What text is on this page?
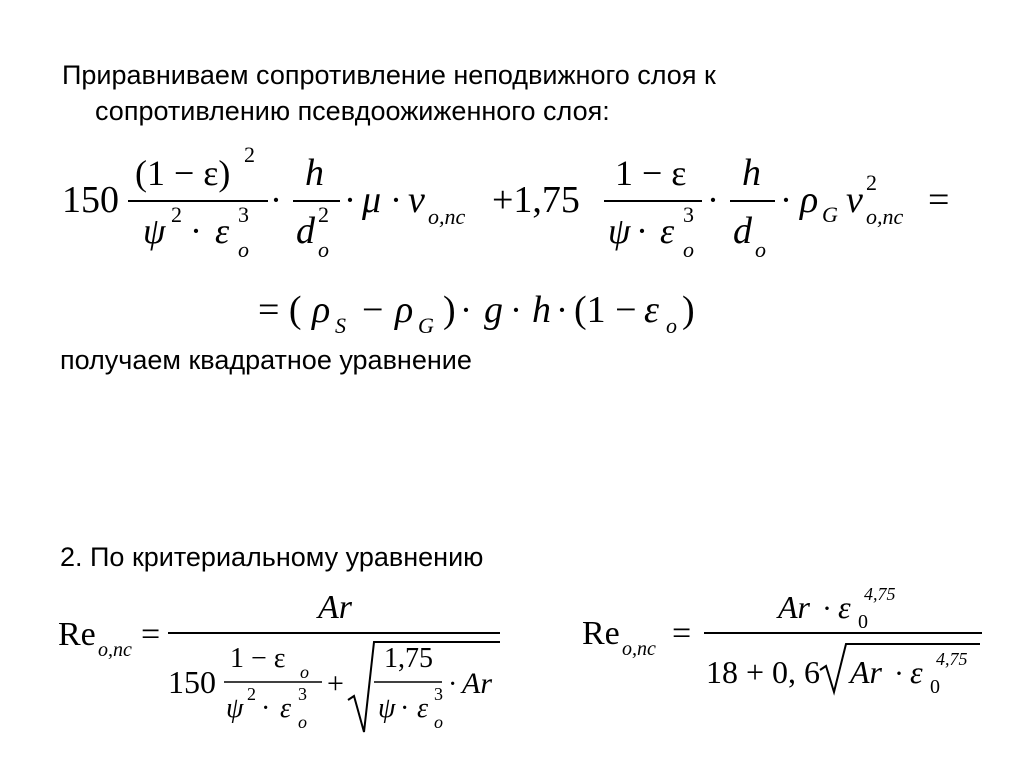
Приравниваем сопротивление неподвижного слоя к
сопротивлению псевдоожиженного слоя:
получаем квадратное уравнение
2. По критериальному уравнению
150
(1 − ε) 2
ψ 2 · ε 3
o
·
h
d 2
o
· μ · v o,nc +1,75
1 − ε
ψ · ε 3
o
·
h
d o
· ρ G v 2
o,nc =
= ( ρ S − ρ G ) · g · h · (1 − ε o )
Re o,nc =
Ar
150
1 − ε o
ψ 2 · ε 3
o
+
1,75
ψ · ε 3
o
· Ar
Re o,nc =
Ar · ε 0
4,75
18 + 0, 6 Ar · ε 0
4,75
